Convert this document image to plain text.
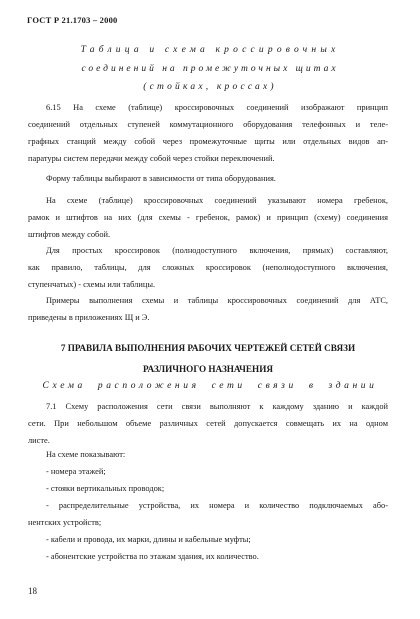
ГОСТ Р 21.1703 – 2000
Таблица и схема кроссировочных
соединений на промежуточных щитах
(стойках, кроссах)
6.15 На схеме (таблице) кроссировочных соединений изображают принцип
соединений отдельных ступеней коммутационного оборудования телефонных и теле-
графных станций между собой через промежуточные щиты или отдельных видов ап-
паратуры систем передачи между собой через стойки переключений.
Форму таблицы выбирают в зависимости от типа оборудования.
На схеме (таблице) кроссировочных соединений указывают номера гребенок,
рамок и штифтов на них (для схемы - гребенок, рамок) и принцип (схему) соединения
штифтов между собой.
Для простых кроссировок (полнодоступного включения, прямых) составляют,
как правило, таблицы, для сложных кроссировок (неполнодоступного включения,
ступенчатых) - схемы или таблицы.
Примеры выполнения схемы и таблицы кроссировочных соединений для АТС,
приведены в приложениях Щ и Э.
7 ПРАВИЛА ВЫПОЛНЕНИЯ РАБОЧИХ ЧЕРТЕЖЕЙ СЕТЕЙ СВЯЗИ
РАЗЛИЧНОГО НАЗНАЧЕНИЯ
Схема расположения сети связи в здании
7.1 Схему расположения сети связи выполняют к каждому зданию и каждой
сети. При небольшом объеме различных сетей допускается совмещать их на одном
листе.
На схеме показывают:
- номера этажей;
- стояки вертикальных проводок;
- распределительные устройства, их номера и количество подключаемых або-
нентских устройств;
- кабели и провода, их марки, длины и кабельные муфты;
- абонентские устройства по этажам здания, их количество.
18
